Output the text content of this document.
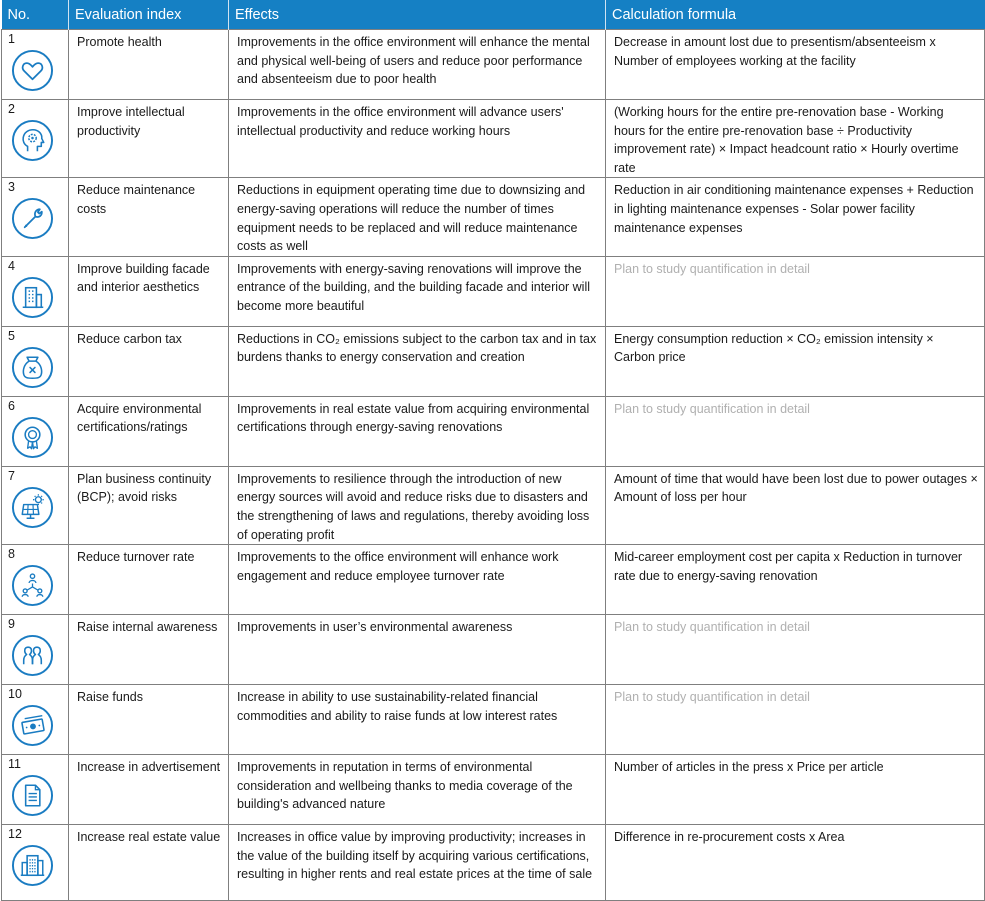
No.	Evaluation index	Effects	Calculation formula

1	Promote health	Improvements in the office environment will enhance the mental and physical well-being of users and reduce poor performance and absenteeism due to poor health	Decrease in amount lost due to presentism/absenteeism x Number of employees working at the facility

2	Improve intellectual productivity	Improvements in the office environment will advance users' intellectual productivity and reduce working hours	(Working hours for the entire pre-renovation base - Working hours for the entire pre-renovation base ÷ Productivity improvement rate) × Impact headcount ratio × Hourly overtime rate

3	Reduce maintenance costs	Reductions in equipment operating time due to downsizing and energy-saving operations will reduce the number of times equipment needs to be replaced and will reduce maintenance costs as well	Reduction in air conditioning maintenance expenses + Reduction in lighting maintenance expenses - Solar power facility maintenance expenses

4	Improve building facade and interior aesthetics	Improvements with energy-saving renovations will improve the entrance of the building, and the building facade and interior will become more beautiful	Plan to study quantification in detail

5	Reduce carbon tax	Reductions in CO₂ emissions subject to the carbon tax and in tax burdens thanks to energy conservation and creation	Energy consumption reduction × CO₂ emission intensity × Carbon price

6	Acquire environmental certifications/ratings	Improvements in real estate value from acquiring environmental certifications through energy-saving renovations	Plan to study quantification in detail

7	Plan business continuity (BCP); avoid risks	Improvements to resilience through the introduction of new energy sources will avoid and reduce risks due to disasters and the strengthening of laws and regulations, thereby avoiding loss of operating profit	Amount of time that would have been lost due to power outages × Amount of loss per hour

8	Reduce turnover rate	Improvements to the office environment will enhance work engagement and reduce employee turnover rate	Mid-career employment cost per capita x Reduction in turnover rate due to energy-saving renovation

9	Raise internal awareness	Improvements in user’s environmental awareness	Plan to study quantification in detail

10	Raise funds	Increase in ability to use sustainability-related financial commodities and ability to raise funds at low interest rates	Plan to study quantification in detail

11	Increase in advertisement	Improvements in reputation in terms of environmental consideration and wellbeing thanks to media coverage of the building's advanced nature	Number of articles in the press x Price per article

12	Increase real estate value	Increases in office value by improving productivity; increases in the value of the building itself by acquiring various certifications, resulting in higher rents and real estate prices at the time of sale	Difference in re-procurement costs x Area
